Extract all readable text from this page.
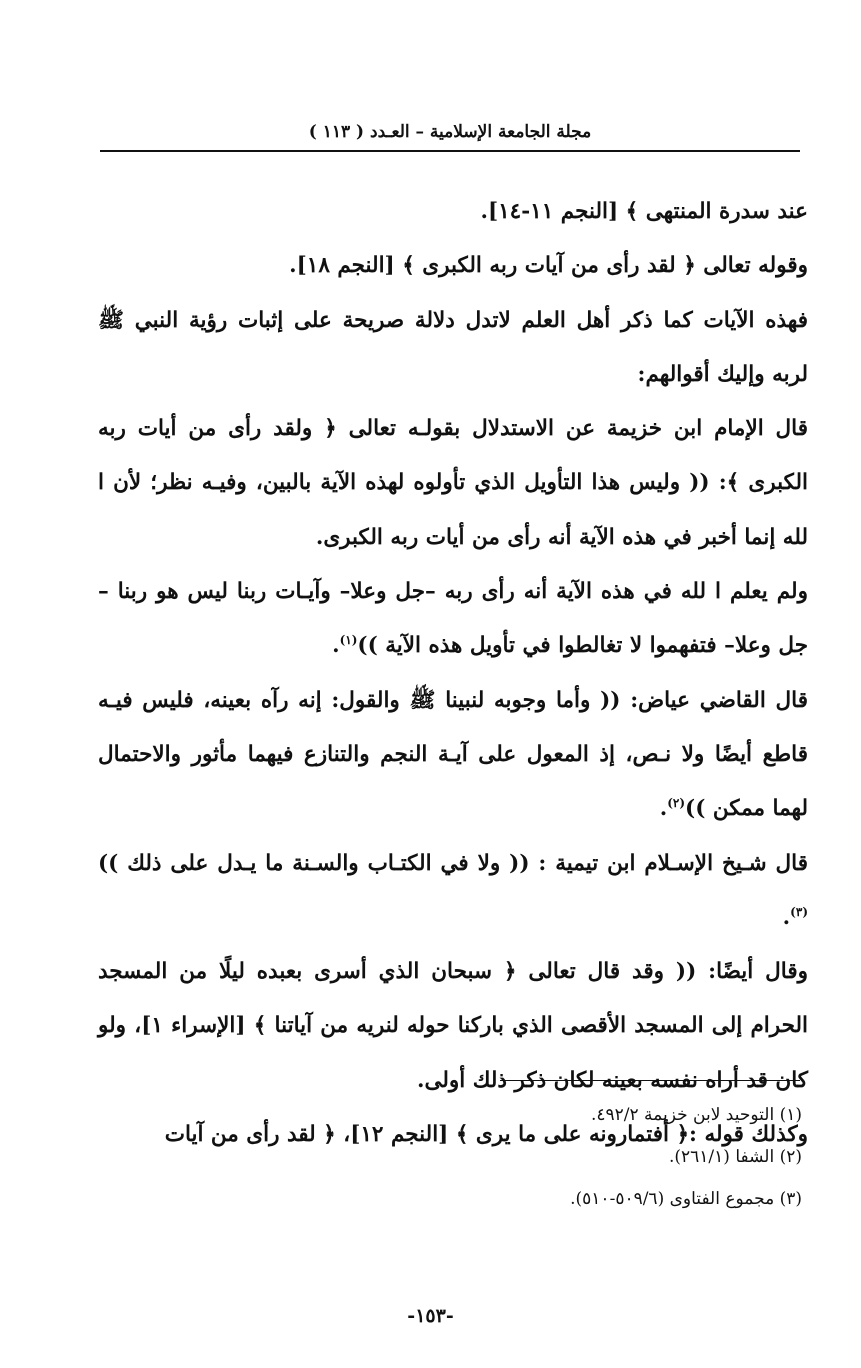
مجلة الجامعة الإسلامية – العـدد ( ١١٣ )

عند سدرة المنتهى ﴾ [النجم ١١-١٤].

وقوله تعالى ﴿ لقد رأى من آيات ربه الكبرى ﴾ [النجم ١٨].

فهذه الآيات كما ذكر أهل العلم لاتدل دلالة صريحة على إثبات رؤية النبي ﷺ لربه وإليك أقوالهم:

قال الإمام ابن خزيمة عن الاستدلال بقولـه تعالى ﴿ ولقد رأى من أيات ربه الكبرى ﴾: (( وليس هذا التأويل الذي تأولوه لهذه الآية بالبين، وفيـه نظر؛ لأن ا لله إنما أخبر في هذه الآية أنه رأى من أيات ربه الكبرى.

ولم يعلم ا لله في هذه الآية أنه رأى ربه –جل وعلا– وآيـات ربنا ليس هو ربنا –جل وعلا– فتفهموا لا تغالطوا في تأويل هذه الآية ))$^{(١)}$.

قال القاضي عياض: (( وأما وجوبه لنبينا ﷺ والقول: إنه رآه بعينه، فليس فيـه قاطع أيضًا ولا نـص، إذ المعول على آيـة النجم والتنازع فيهما مأثور والاحتمال لهما ممكن ))$^{(٢)}$.

قال شـيخ الإسـلام ابن تيمية : (( ولا في الكتـاب والسـنة ما يـدل على ذلك ))$^{(٣)}$.

وقال أيضًا: (( وقد قال تعالى ﴿ سبحان الذي أسرى بعبده ليلًا من المسجد الحرام إلى المسجد الأقصى الذي باركنا حوله لنريه من آياتنا ﴾ [الإسراء ١]، ولو كان قد أراه نفسه بعينه لكان ذكر ذلك أولى.

وكذلك قوله :﴿ أفتمارونه على ما يرى ﴾ [النجم ١٢]، ﴿ لقد رأى من آيات

(١) التوحيد لابن خزيمة ٤٩٢/٢.
(٢) الشفا (٢٦١/١).
(٣) مجموع الفتاوى (٥٠٩/٦-٥١٠).
-١٥٣-
